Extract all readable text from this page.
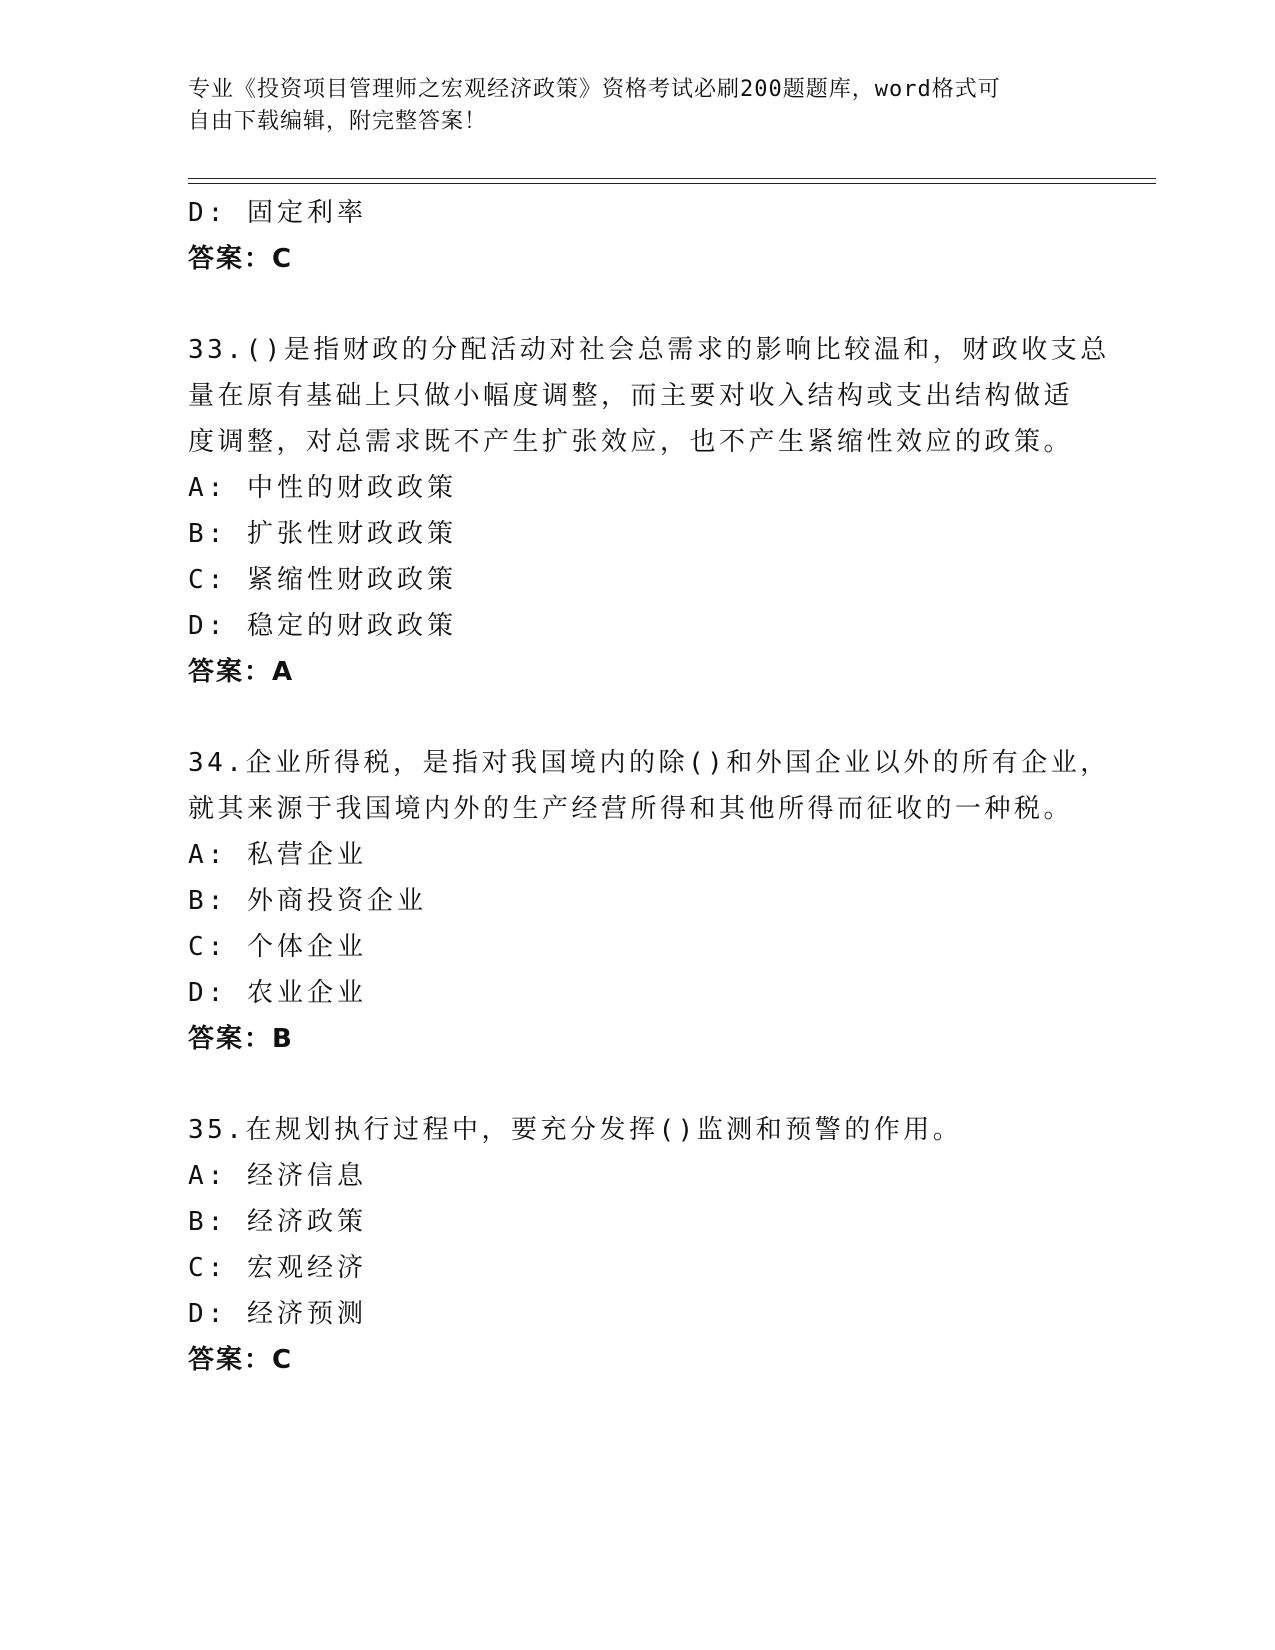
专业《投资项目管理师之宏观经济政策》资格考试必刷200题题库，word格式可
自由下载编辑，附完整答案！
D: 固定利率
答案：C
33.()是指财政的分配活动对社会总需求的影响比较温和，财政收支总
量在原有基础上只做小幅度调整，而主要对收入结构或支出结构做适
度调整，对总需求既不产生扩张效应，也不产生紧缩性效应的政策。
A: 中性的财政政策
B: 扩张性财政政策
C: 紧缩性财政政策
D: 稳定的财政政策
答案：A
34.企业所得税，是指对我国境内的除()和外国企业以外的所有企业，
就其来源于我国境内外的生产经营所得和其他所得而征收的一种税。
A: 私营企业
B: 外商投资企业
C: 个体企业
D: 农业企业
答案：B
35.在规划执行过程中，要充分发挥()监测和预警的作用。
A: 经济信息
B: 经济政策
C: 宏观经济
D: 经济预测
答案：C
